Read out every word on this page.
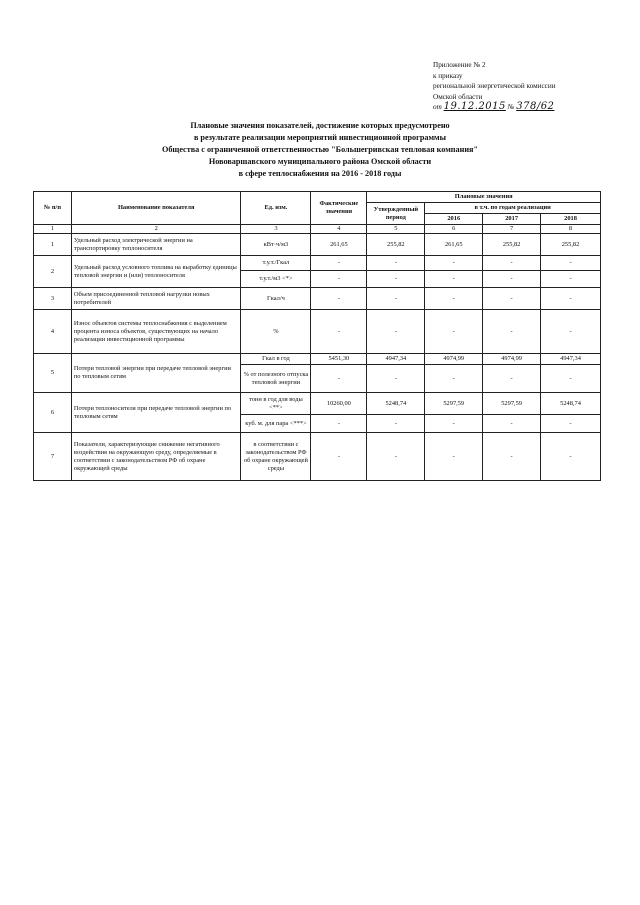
Приложение № 2
к приказу
региональной энергетической комиссии
Омской области
от 19.12.2015 № 378/62
Плановые значения показателей, достижение которых предусмотрено
в результате реализации мероприятий инвестиционной программы
Общества с ограниченной ответственностью "Большегривская тепловая компания"
Нововаршавского муниципального района Омской области
в сфере теплоснабжения на 2016 - 2018 годы
№ п/п	Наименование показателя	Ед. изм.	Фактические значения	Плановые значения			
				Утвержденный период	в т.ч. по годам реализации		
					2016	2017	2018
1	2	3	4	5	6	7	8
1	Удельный расход электрической энергии на транспортировку теплоносителя	кВт·ч/м3	261,65	255,82	261,65	255,82	255,82
2	Удельный расход условного топлива на выработку единицы тепловой энергии и (или) теплоносителя	т.у.т./Гкал	-	-	-	-	-
		т.у.т./м3 <*>	-	-	-	-	-
3	Объем присоединенной тепловой нагрузки новых потребителей	Гкал/ч	-	-	-	-	-
4	Износ объектов системы теплоснабжения с выделением процента износа объектов, существующих на начало реализации инвестиционной программы	%	-	-	-	-	-
5	Потери тепловой энергии при передаче тепловой энергии по тепловым сетям	Гкал в год	5451,30	4947,34	4974,99	4974,99	4947,34
		% от полезного отпуска тепловой энергии	-	-	-	-	-
6	Потери теплоносителя при передаче тепловой энергии по тепловым сетям	тонн в год для воды <**>	10260,00	5248,74	5297,59	5297,59	5248,74
		куб. м. для пара <***>	-	-	-	-	-
7	Показатели, характеризующие снижение негативного воздействия на окружающую среду, определяемые в соответствии с законодательством РФ об охране окружающей среды	в соответствии с законодательством РФ об охране окружающей среды	-	-	-	-	-
